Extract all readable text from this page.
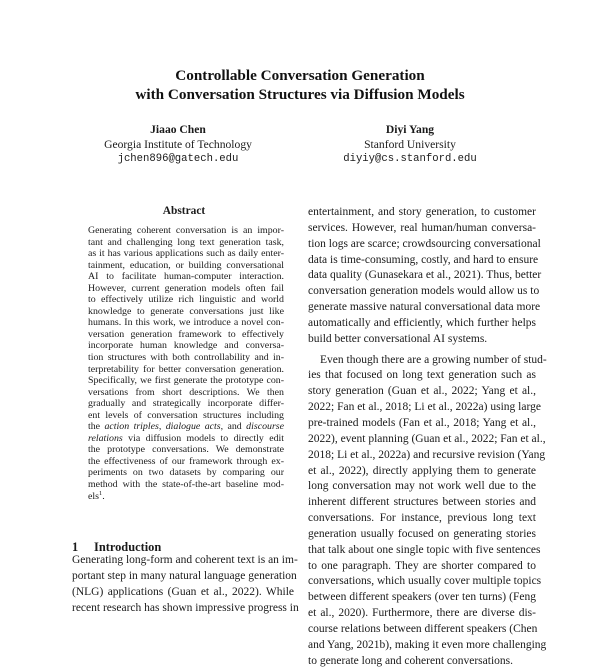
Controllable Conversation Generation
with Conversation Structures via Diffusion Models
Jiaao Chen
Georgia Institute of Technology
jchen896@gatech.edu
Diyi Yang
Stanford University
diyiy@cs.stanford.edu
Abstract
Generating coherent conversation is an impor-
tant and challenging long text generation task,
as it has various applications such as daily enter-
tainment, education, or building conversational
AI to facilitate human-computer interaction.
However, current generation models often fail
to effectively utilize rich linguistic and world
knowledge to generate conversations just like
humans. In this work, we introduce a novel con-
versation generation framework to effectively
incorporate human knowledge and conversa-
tion structures with both controllability and in-
terpretability for better conversation generation.
Specifically, we first generate the prototype con-
versations from short descriptions. We then
gradually and strategically incorporate differ-
ent levels of conversation structures including
the action triples, dialogue acts, and discourse
relations via diffusion models to directly edit
the prototype conversations. We demonstrate
the effectiveness of our framework through ex-
periments on two datasets by comparing our
method with the state-of-the-art baseline mod-
els$^1$.
1 Introduction
Generating long-form and coherent text is an im-
portant step in many natural language generation
(NLG) applications (Guan et al., 2022). While
recent research has shown impressive progress in
entertainment, and story generation, to customer
services. However, real human/human conversa-
tion logs are scarce; crowdsourcing conversational
data is time-consuming, costly, and hard to ensure
data quality (Gunasekara et al., 2021). Thus, better
conversation generation models would allow us to
generate massive natural conversational data more
automatically and efficiently, which further helps
build better conversational AI systems.
Even though there are a growing number of stud-
ies that focused on long text generation such as
story generation (Guan et al., 2022; Yang et al.,
2022; Fan et al., 2018; Li et al., 2022a) using large
pre-trained models (Fan et al., 2018; Yang et al.,
2022), event planning (Guan et al., 2022; Fan et al.,
2018; Li et al., 2022a) and recursive revision (Yang
et al., 2022), directly applying them to generate
long conversation may not work well due to the
inherent different structures between stories and
conversations. For instance, previous long text
generation usually focused on generating stories
that talk about one single topic with five sentences
to one paragraph. They are shorter compared to
conversations, which usually cover multiple topics
between different speakers (over ten turns) (Feng
et al., 2020). Furthermore, there are diverse dis-
course relations between different speakers (Chen
and Yang, 2021b), making it even more challenging
to generate long and coherent conversations.
